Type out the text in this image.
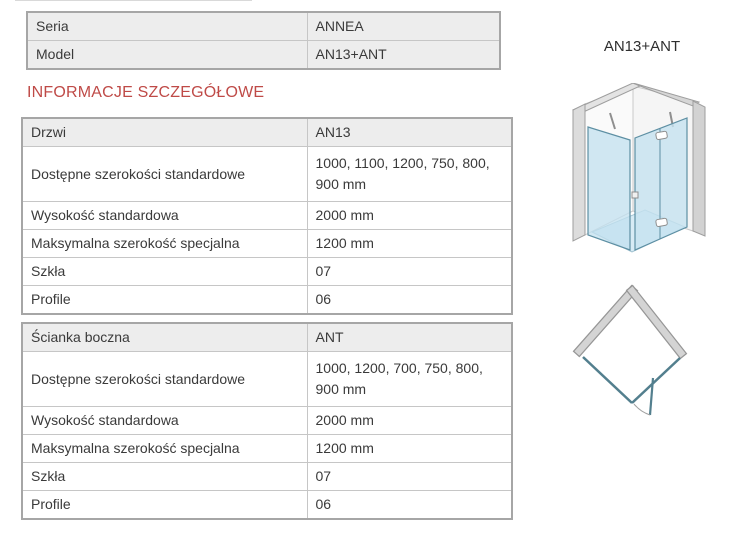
Seria	ANNEA
Model	AN13+ANT
INFORMACJE SZCZEGÓŁOWE
Drzwi	AN13
Dostępne szerokości standardowe	1000, 1100, 1200, 750, 800, 900 mm
Wysokość standardowa	2000 mm
Maksymalna szerokość specjalna	1200 mm
Szkła	07
Profile	06
Ścianka boczna	ANT
Dostępne szerokości standardowe	1000, 1200, 700, 750, 800, 900 mm
Wysokość standardowa	2000 mm
Maksymalna szerokość specjalna	1200 mm
Szkła	07
Profile	06
AN13+ANT
